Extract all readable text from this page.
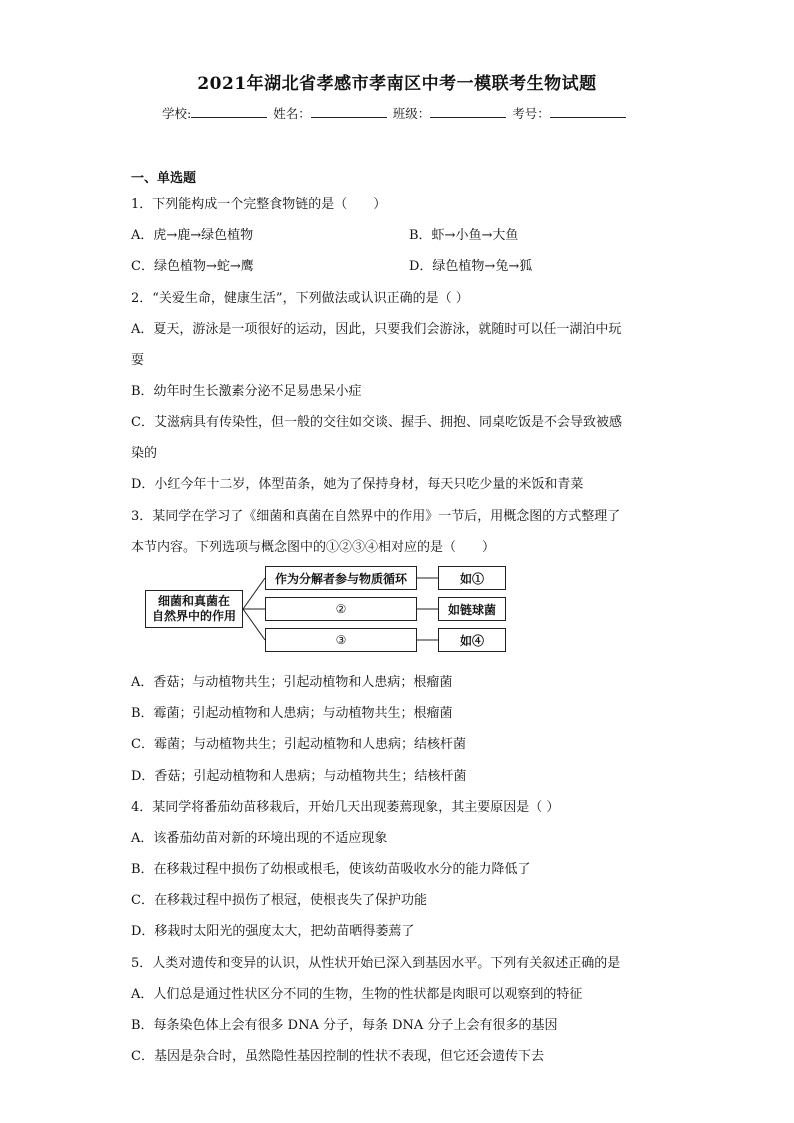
2021年湖北省孝感市孝南区中考一模联考生物试题
学校:	姓名：	班级：	考号：
一、单选题
1．下列能构成一个完整食物链的是（　　）
A．虎→鹿→绿色植物	B．虾→小鱼→大鱼
C．绿色植物→蛇→鹰	D．绿色植物→兔→狐
2．“关爱生命，健康生活”，下列做法或认识正确的是（ ）
A．夏天，游泳是一项很好的运动，因此，只要我们会游泳，就随时可以任一湖泊中玩
耍
B．幼年时生长激素分泌不足易患呆小症
C．艾滋病具有传染性，但一般的交往如交谈、握手、拥抱、同桌吃饭是不会导致被感
染的
D．小红今年十二岁，体型苗条，她为了保持身材，每天只吃少量的米饭和青菜
3．某同学在学习了《细菌和真菌在自然界中的作用》一节后，用概念图的方式整理了
本节内容。下列选项与概念图中的①②③④相对应的是（　　）
细菌和真菌在
自然界中的作用
作为分解者参与物质循环
②
③
如①
如链球菌
如④
A．香菇；与动植物共生；引起动植物和人患病；根瘤菌
B．霉菌；引起动植物和人患病；与动植物共生；根瘤菌
C．霉菌；与动植物共生；引起动植物和人患病；结核杆菌
D．香菇；引起动植物和人患病；与动植物共生；结核杆菌
4．某同学将番茄幼苗移栽后，开始几天出现萎蔫现象，其主要原因是（ ）
A．该番茄幼苗对新的环境出现的不适应现象
B．在移栽过程中损伤了幼根或根毛，使该幼苗吸收水分的能力降低了
C．在移栽过程中损伤了根冠，使根丧失了保护功能
D．移栽时太阳光的强度太大，把幼苗晒得萎蔫了
5．人类对遗传和变异的认识，从性状开始已深入到基因水平。下列有关叙述正确的是
A．人们总是通过性状区分不同的生物，生物的性状都是肉眼可以观察到的特征
B．每条染色体上会有很多 DNA 分子，每条 DNA 分子上会有很多的基因
C．基因是杂合时，虽然隐性基因控制的性状不表现，但它还会遗传下去
